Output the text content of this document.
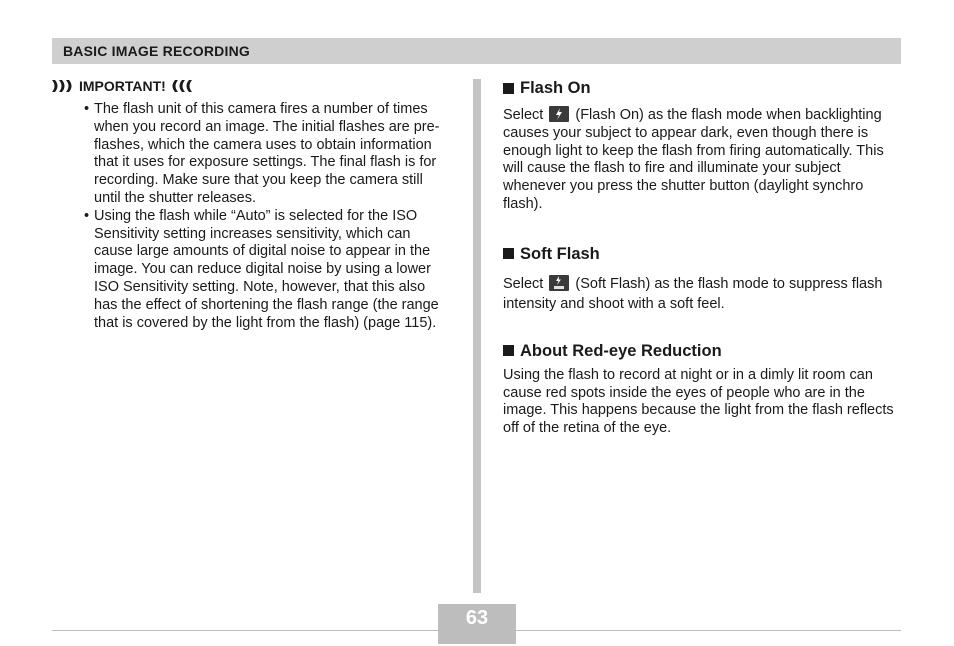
BASIC IMAGE RECORDING
IMPORTANT!
• The flash unit of this camera fires a number of times when you record an image. The initial flashes are pre-flashes, which the camera uses to obtain information that it uses for exposure settings. The final flash is for recording. Make sure that you keep the camera still until the shutter releases.
• Using the flash while “Auto” is selected for the ISO Sensitivity setting increases sensitivity, which can cause large amounts of digital noise to appear in the image. You can reduce digital noise by using a lower ISO Sensitivity setting. Note, however, that this also has the effect of shortening the flash range (the range that is covered by the light from the flash) (page 115).
Flash On

Select (Flash On) as the flash mode when backlighting causes your subject to appear dark, even though there is enough light to keep the flash from firing automatically. This will cause the flash to fire and illuminate your subject whenever you press the shutter button (daylight synchro flash).

Soft Flash

Select (Soft Flash) as the flash mode to suppress flash intensity and shoot with a soft feel.

About Red-eye Reduction

Using the flash to record at night or in a dimly lit room can cause red spots inside the eyes of people who are in the image. This happens because the light from the flash reflects off of the retina of the eye.

63
